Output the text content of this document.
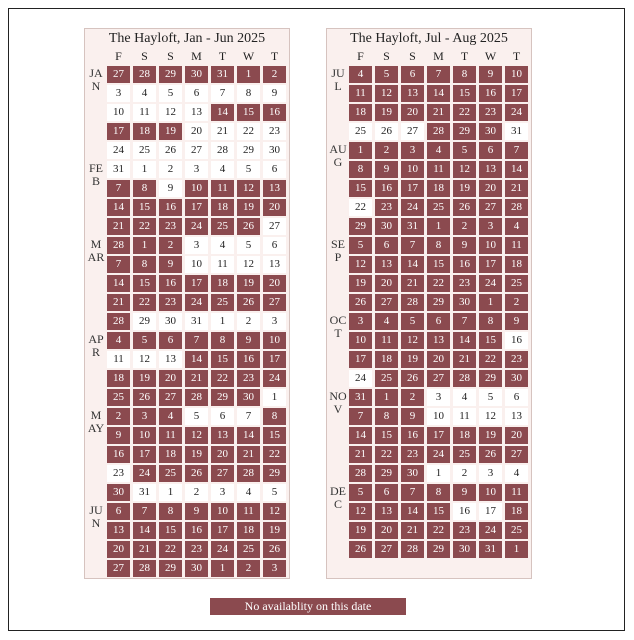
The Hayloft, Jan - Jun 2025
F	S	S	M	T	W	T
JAN
27	28	29	30	31	1	2
3	4	5	6	7	8	9
10	11	12	13	14	15	16
17	18	19	20	21	22	23
24	25	26	27	28	29	30
FEB
31	1	2	3	4	5	6
7	8	9	10	11	12	13
14	15	16	17	18	19	20
21	22	23	24	25	26	27
MAR
28	1	2	3	4	5	6
7	8	9	10	11	12	13
14	15	16	17	18	19	20
21	22	23	24	25	26	27
28	29	30	31	1	2	3
APR
4	5	6	7	8	9	10
11	12	13	14	15	16	17
18	19	20	21	22	23	24
25	26	27	28	29	30	1
MAY
2	3	4	5	6	7	8
9	10	11	12	13	14	15
16	17	18	19	20	21	22
23	24	25	26	27	28	29
30	31	1	2	3	4	5
JUN
6	7	8	9	10	11	12
13	14	15	16	17	18	19
20	21	22	23	24	25	26
27	28	29	30	1	2	3
The Hayloft, Jul - Aug 2025
F	S	S	M	T	W	T
JUL
4	5	6	7	8	9	10
11	12	13	14	15	16	17
18	19	20	21	22	23	24
25	26	27	28	29	30	31
AUG
1	2	3	4	5	6	7
8	9	10	11	12	13	14
15	16	17	18	19	20	21
22	23	24	25	26	27	28
29	30	31	1	2	3	4
SEP
5	6	7	8	9	10	11
12	13	14	15	16	17	18
19	20	21	22	23	24	25
26	27	28	29	30	1	2
OCT
3	4	5	6	7	8	9
10	11	12	13	14	15	16
17	18	19	20	21	22	23
24	25	26	27	28	29	30
NOV
31	1	2	3	4	5	6
7	8	9	10	11	12	13
14	15	16	17	18	19	20
21	22	23	24	25	26	27
28	29	30	1	2	3	4
DEC
5	6	7	8	9	10	11
12	13	14	15	16	17	18
19	20	21	22	23	24	25
26	27	28	29	30	31	1
No availablity on this date
